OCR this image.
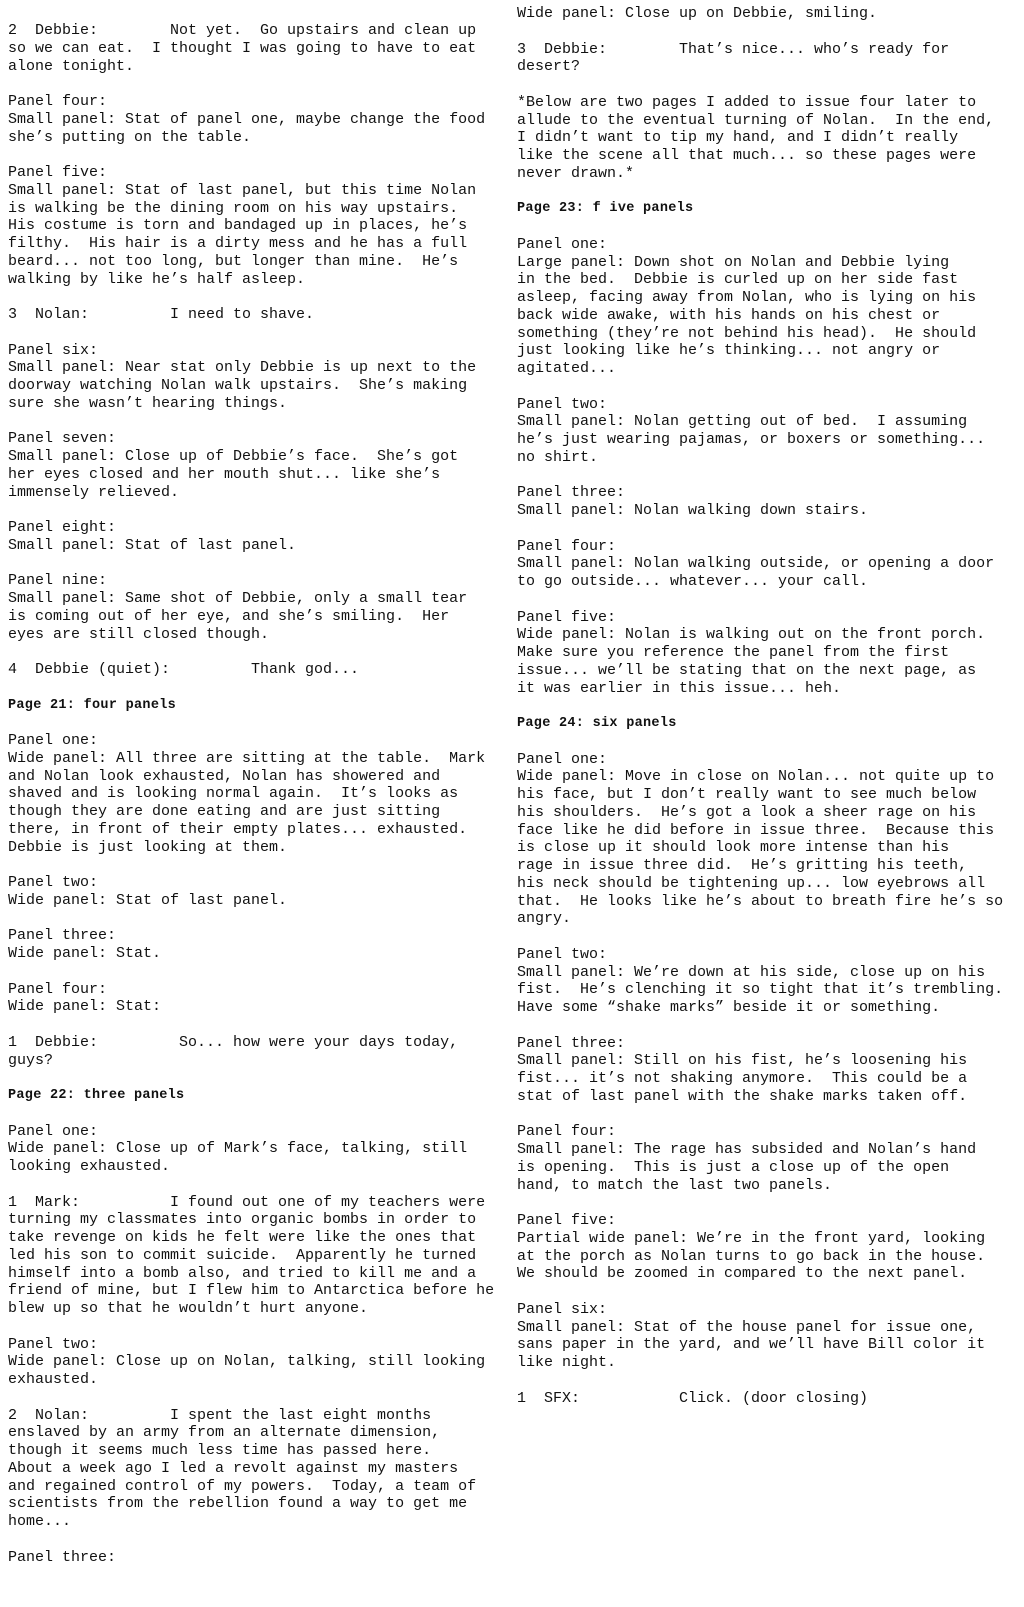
2  Debbie:        Not yet.  Go upstairs and clean up
so we can eat.  I thought I was going to have to eat
alone tonight.
Panel four:
Small panel: Stat of panel one, maybe change the food
she’s putting on the table.
Panel five:
Small panel: Stat of last panel, but this time Nolan
is walking be the dining room on his way upstairs.
His costume is torn and bandaged up in places, he’s
filthy.  His hair is a dirty mess and he has a full
beard... not too long, but longer than mine.  He’s
walking by like he’s half asleep.
3  Nolan:         I need to shave.
Panel six:
Small panel: Near stat only Debbie is up next to the
doorway watching Nolan walk upstairs.  She’s making
sure she wasn’t hearing things.
Panel seven:
Small panel: Close up of Debbie’s face.  She’s got
her eyes closed and her mouth shut... like she’s
immensely relieved.
Panel eight:
Small panel: Stat of last panel.
Panel nine:
Small panel: Same shot of Debbie, only a small tear
is coming out of her eye, and she’s smiling.  Her
eyes are still closed though.
4  Debbie (quiet):         Thank god...
Page 21: four panels
Panel one:
Wide panel: All three are sitting at the table.  Mark
and Nolan look exhausted, Nolan has showered and
shaved and is looking normal again.  It’s looks as
though they are done eating and are just sitting
there, in front of their empty plates... exhausted.
Debbie is just looking at them.
Panel two:
Wide panel: Stat of last panel.
Panel three:
Wide panel: Stat.
Panel four:
Wide panel: Stat:
1  Debbie:         So... how were your days today,
guys?
Page 22: three panels
Panel one:
Wide panel: Close up of Mark’s face, talking, still
looking exhausted.
1  Mark:          I found out one of my teachers were
turning my classmates into organic bombs in order to
take revenge on kids he felt were like the ones that
led his son to commit suicide.  Apparently he turned
himself into a bomb also, and tried to kill me and a
friend of mine, but I flew him to Antarctica before he
blew up so that he wouldn’t hurt anyone.
Panel two:
Wide panel: Close up on Nolan, talking, still looking
exhausted.
2  Nolan:         I spent the last eight months
enslaved by an army from an alternate dimension,
though it seems much less time has passed here.
About a week ago I led a revolt against my masters
and regained control of my powers.  Today, a team of
scientists from the rebellion found a way to get me
home...
Panel three:
Wide panel: Close up on Debbie, smiling.
3  Debbie:        That’s nice... who’s ready for
desert?
*Below are two pages I added to issue four later to
allude to the eventual turning of Nolan.  In the end,
I didn’t want to tip my hand, and I didn’t really
like the scene all that much... so these pages were
never drawn.*
Page 23: f ive panels
Panel one:
Large panel: Down shot on Nolan and Debbie lying
in the bed.  Debbie is curled up on her side fast
asleep, facing away from Nolan, who is lying on his
back wide awake, with his hands on his chest or
something (they’re not behind his head).  He should
just looking like he’s thinking... not angry or
agitated...
Panel two:
Small panel: Nolan getting out of bed.  I assuming
he’s just wearing pajamas, or boxers or something...
no shirt.
Panel three:
Small panel: Nolan walking down stairs.
Panel four:
Small panel: Nolan walking outside, or opening a door
to go outside... whatever... your call.
Panel five:
Wide panel: Nolan is walking out on the front porch.
Make sure you reference the panel from the first
issue... we’ll be stating that on the next page, as
it was earlier in this issue... heh.
Page 24: six panels
Panel one:
Wide panel: Move in close on Nolan... not quite up to
his face, but I don’t really want to see much below
his shoulders.  He’s got a look a sheer rage on his
face like he did before in issue three.  Because this
is close up it should look more intense than his
rage in issue three did.  He’s gritting his teeth,
his neck should be tightening up... low eyebrows all
that.  He looks like he’s about to breath fire he’s so
angry.
Panel two:
Small panel: We’re down at his side, close up on his
fist.  He’s clenching it so tight that it’s trembling.
Have some “shake marks” beside it or something.
Panel three:
Small panel: Still on his fist, he’s loosening his
fist... it’s not shaking anymore.  This could be a
stat of last panel with the shake marks taken off.
Panel four:
Small panel: The rage has subsided and Nolan’s hand
is opening.  This is just a close up of the open
hand, to match the last two panels.
Panel five:
Partial wide panel: We’re in the front yard, looking
at the porch as Nolan turns to go back in the house.
We should be zoomed in compared to the next panel.
Panel six:
Small panel: Stat of the house panel for issue one,
sans paper in the yard, and we’ll have Bill color it
like night.
1  SFX:           Click. (door closing)
